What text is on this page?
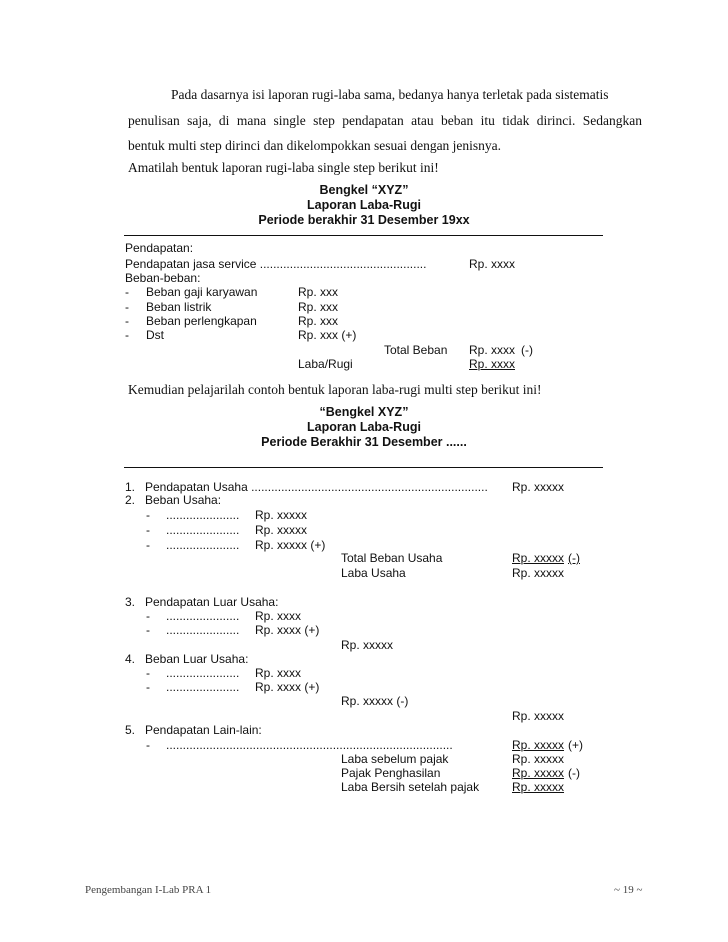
Pada dasarnya isi laporan rugi-laba sama, bedanya hanya terletak pada sistematis
penulisan saja, di mana single step pendapatan atau beban itu tidak dirinci. Sedangkan
bentuk multi step dirinci dan dikelompokkan sesuai dengan jenisnya.
Amatilah bentuk laporan rugi-laba single step berikut ini!
Bengkel “XYZ”
Laporan Laba-Rugi
Periode berakhir 31 Desember 19xx
Pendapatan:
Pendapatan jasa service ..................................................	Rp. xxxx
Beban-beban:
- Beban gaji karyawan	Rp. xxx
- Beban listrik	Rp. xxx
- Beban perlengkapan	Rp. xxx
- Dst	Rp. xxx (+)
Total Beban Rp. xxxx (-)
Laba/Rugi	Rp. xxxx
Kemudian pelajarilah contoh bentuk laporan laba-rugi multi step berikut ini!
“Bengkel XYZ”
Laporan Laba-Rugi
Periode Berakhir 31 Desember ......
1. Pendapatan Usaha ....................................................................... Rp. xxxxx
2. Beban Usaha:
- ...................... Rp. xxxxx
- ...................... Rp. xxxxx
- ...................... Rp. xxxxx (+)
Total Beban Usaha	Rp. xxxxx (-)
Laba Usaha	Rp. xxxxx
3. Pendapatan Luar Usaha:
- ...................... Rp. xxxx
- ...................... Rp. xxxx (+)
Rp. xxxxx
4. Beban Luar Usaha:
- ...................... Rp. xxxx
- ...................... Rp. xxxx (+)
Rp. xxxxx (-)
Rp. xxxxx
5. Pendapatan Lain-lain:
- ......................................................................................	Rp. xxxxx (+)
Laba sebelum pajak	Rp. xxxxx
Pajak Penghasilan	Rp. xxxxx (-)
Laba Bersih setelah pajak	Rp. xxxxx
Pengembangan I-Lab PRA 1	~ 19 ~
